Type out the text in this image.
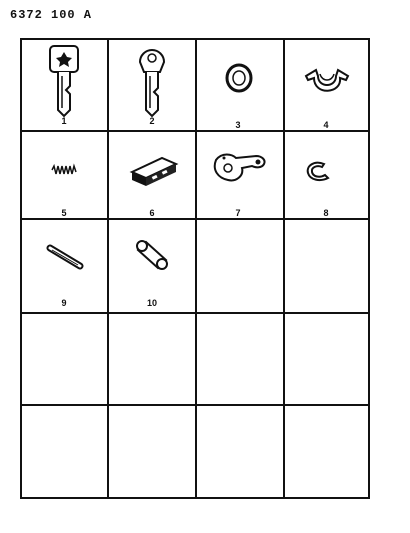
6372 100 A
1	2	3	4
5	6	7	8
9	10
